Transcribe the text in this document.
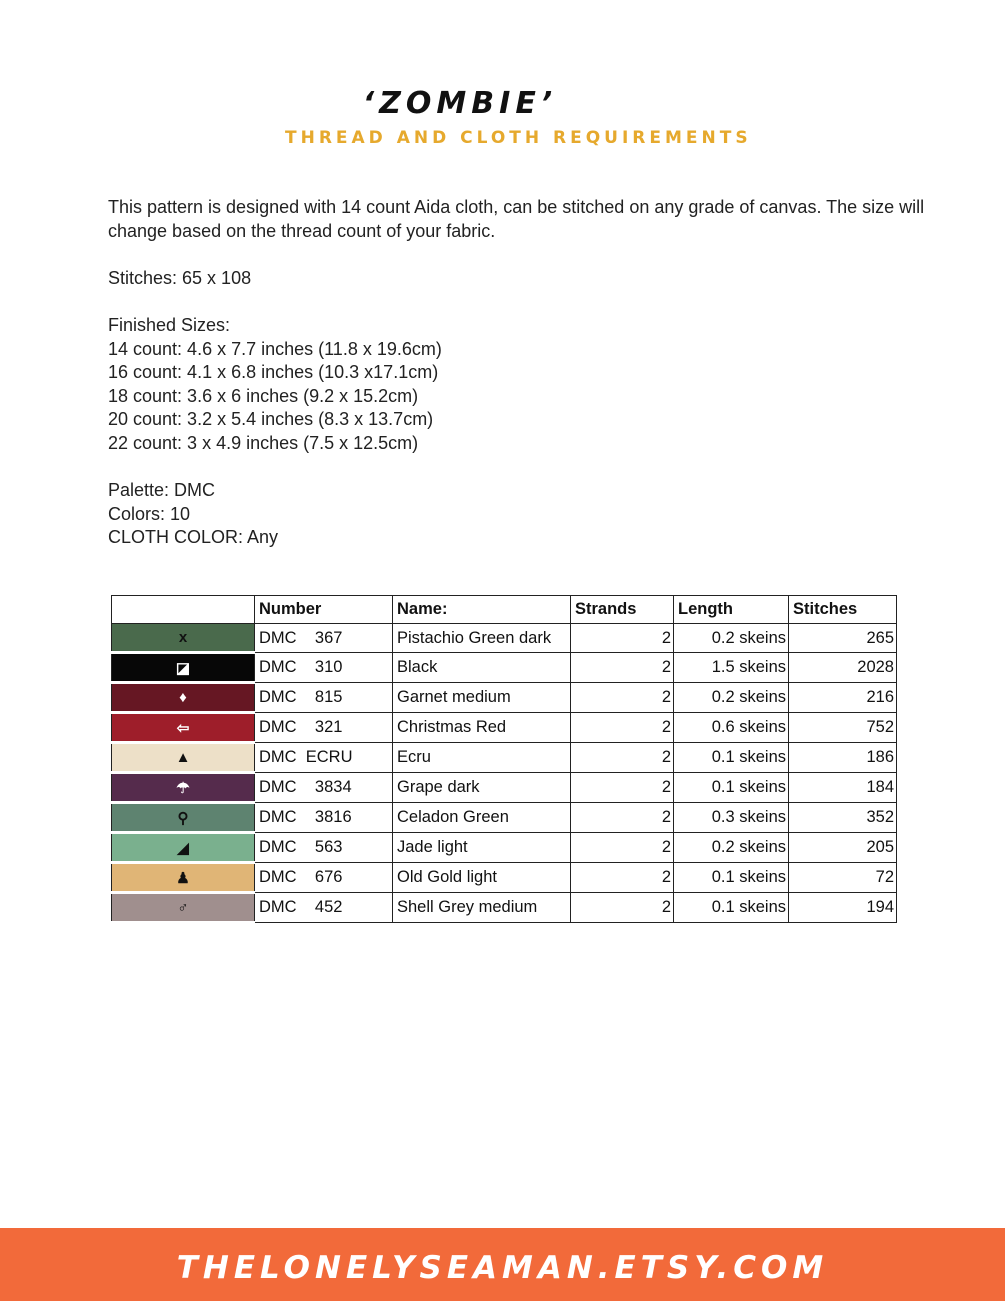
‘ZOMBIE’
THREAD AND CLOTH REQUIREMENTS

This pattern is designed with 14 count Aida cloth, can be stitched on any grade of canvas. The size will change based on the thread count of your fabric.

Stitches: 65 x 108

Finished Sizes:
14 count: 4.6 x 7.7 inches (11.8 x 19.6cm)
16 count: 4.1 x 6.8 inches (10.3 x17.1cm)
18 count: 3.6 x 6 inches (9.2 x 15.2cm)
20 count: 3.2 x 5.4 inches (8.3 x 13.7cm)
22 count: 3 x 4.9 inches (7.5 x 12.5cm)

Palette: DMC
Colors: 10
CLOTH COLOR: Any

	Number	Name:	Strands	Length	Stitches
x	DMC    367	Pistachio Green dark	2	0.2 skeins	265
◪	DMC    310	Black	2	1.5 skeins	2028
♦	DMC    815	Garnet medium	2	0.2 skeins	216
⇦	DMC    321	Christmas Red	2	0.6 skeins	752
▲	DMC  ECRU	Ecru	2	0.1 skeins	186
☂	DMC    3834	Grape dark	2	0.1 skeins	184
⚲	DMC    3816	Celadon Green	2	0.3 skeins	352
◢	DMC    563	Jade light	2	0.2 skeins	205
♟	DMC    676	Old Gold light	2	0.1 skeins	72
♂	DMC    452	Shell Grey medium	2	0.1 skeins	194
THELONELYSEAMAN.ETSY.COM
